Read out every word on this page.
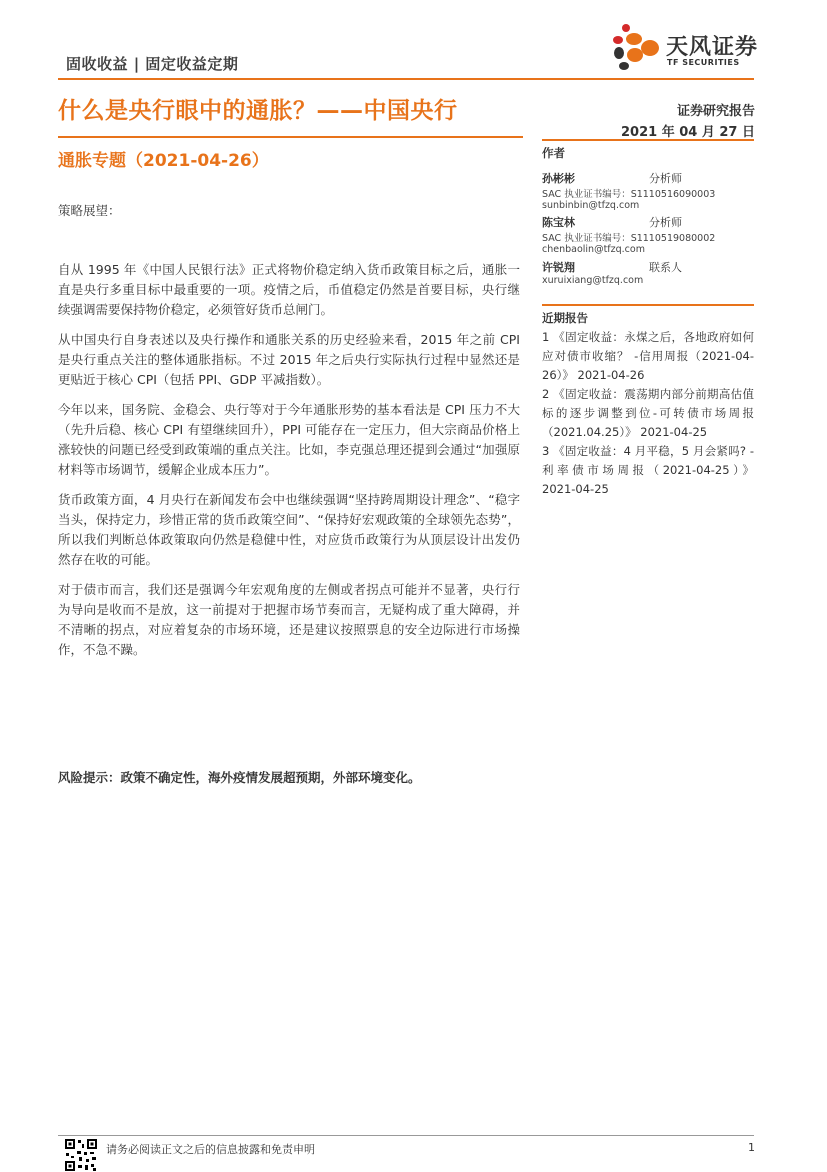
固收收益 | 固定收益定期
天风证券
TF SECURITIES
什么是央行眼中的通胀？——中国央行	证券研究报告
2021 年 04 月 27 日
通胀专题（2021-04-26）	作者
孙彬彬	分析师
SAC 执业证书编号：S1110516090003
sunbinbin@tfzq.com
陈宝林	分析师
SAC 执业证书编号：S1110519080002
chenbaolin@tfzq.com
许锐翔	联系人
xuruixiang@tfzq.com
近期报告
1 《固定收益：永煤之后，各地政府如何应对债市收缩？ -信用周报（2021-04-26）》 2021-04-26
2 《固定收益：震荡期内部分前期高估值标的逐步调整到位-可转债市场周报（2021.04.25）》 2021-04-25
3 《固定收益：4 月平稳，5 月会紧吗? -利率债市场周报（2021-04-25）》 2021-04-25
策略展望：

自从 1995 年《中国人民银行法》正式将物价稳定纳入货币政策目标之后，通胀一直是央行多重目标中最重要的一项。疫情之后，币值稳定仍然是首要目标，央行继续强调需要保持物价稳定，必须管好货币总闸门。

从中国央行自身表述以及央行操作和通胀关系的历史经验来看，2015 年之前 CPI 是央行重点关注的整体通胀指标。不过 2015 年之后央行实际执行过程中显然还是更贴近于核心 CPI（包括 PPI、GDP 平减指数）。

今年以来，国务院、金稳会、央行等对于今年通胀形势的基本看法是 CPI 压力不大（先升后稳、核心 CPI 有望继续回升），PPI 可能存在一定压力，但大宗商品价格上涨较快的问题已经受到政策端的重点关注。比如，李克强总理还提到会通过“加强原材料等市场调节，缓解企业成本压力”。

货币政策方面，4 月央行在新闻发布会中也继续强调“坚持跨周期设计理念”、“稳字当头，保持定力，珍惜正常的货币政策空间”、“保持好宏观政策的全球领先态势”，所以我们判断总体政策取向仍然是稳健中性，对应货币政策行为从顶层设计出发仍然存在收的可能。

对于债市而言，我们还是强调今年宏观角度的左侧或者拐点可能并不显著，央行行为导向是收而不是放，这一前提对于把握市场节奏而言，无疑构成了重大障碍，并不清晰的拐点，对应着复杂的市场环境，还是建议按照票息的安全边际进行市场操作，不急不躁。

风险提示：政策不确定性，海外疫情发展超预期，外部环境变化。
请务必阅读正文之后的信息披露和免责申明	1
